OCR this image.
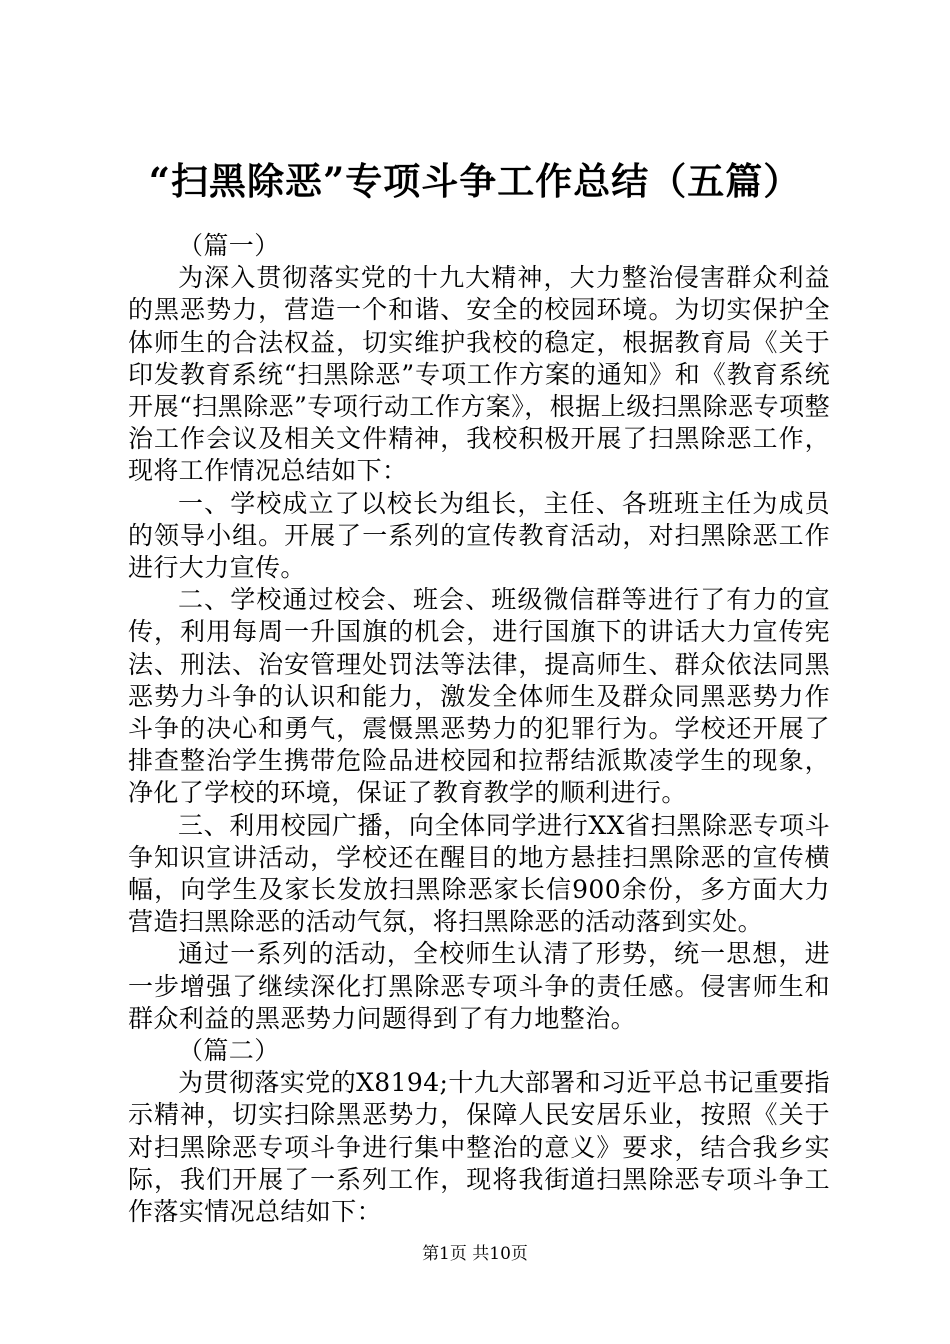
“扫黑除恶”专项斗争工作总结（五篇）

（篇一）

为深入贯彻落实党的十九大精神，大力整治侵害群众利益的黑恶势力，营造一个和谐、安全的校园环境。为切实保护全体师生的合法权益，切实维护我校的稳定，根据教育局《关于印发教育系统“扫黑除恶”专项工作方案的通知》和《教育系统开展“扫黑除恶”专项行动工作方案》，根据上级扫黑除恶专项整治工作会议及相关文件精神，我校积极开展了扫黑除恶工作，现将工作情况总结如下：

一、学校成立了以校长为组长，主任、各班班主任为成员的领导小组。开展了一系列的宣传教育活动，对扫黑除恶工作进行大力宣传。

二、学校通过校会、班会、班级微信群等进行了有力的宣传，利用每周一升国旗的机会，进行国旗下的讲话大力宣传宪法、刑法、治安管理处罚法等法律，提高师生、群众依法同黑恶势力斗争的认识和能力，激发全体师生及群众同黑恶势力作斗争的决心和勇气，震慑黑恶势力的犯罪行为。学校还开展了排查整治学生携带危险品进校园和拉帮结派欺凌学生的现象，净化了学校的环境，保证了教育教学的顺利进行。

三、利用校园广播，向全体同学进行XX省扫黑除恶专项斗争知识宣讲活动，学校还在醒目的地方悬挂扫黑除恶的宣传横幅，向学生及家长发放扫黑除恶家长信900余份，多方面大力营造扫黑除恶的活动气氛，将扫黑除恶的活动落到实处。

通过一系列的活动，全校师生认清了形势，统一思想，进一步增强了继续深化打黑除恶专项斗争的责任感。侵害师生和群众利益的黑恶势力问题得到了有力地整治。

（篇二）

为贯彻落实党的X8194;十九大部署和习近平总书记重要指示精神，切实扫除黑恶势力，保障人民安居乐业，按照《关于对扫黑除恶专项斗争进行集中整治的意义》要求，结合我乡实际，我们开展了一系列工作，现将我街道扫黑除恶专项斗争工作落实情况总结如下：

第1页 共10页
